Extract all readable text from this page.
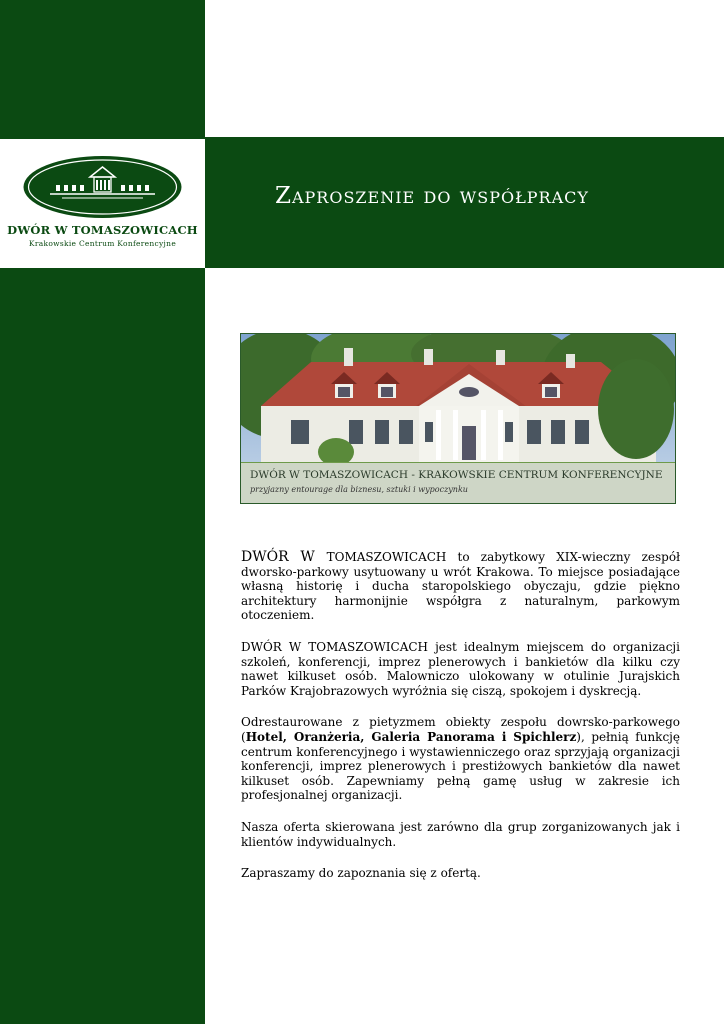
DWÓR W TOMASZOWICACH
Krakowskie Centrum Konferencyjne
Zaproszenie do współpracy
DWÓR W TOMASZOWICACH - KRAKOWSKIE CENTRUM KONFERENCYJNE
przyjazny entourage dla biznesu, sztuki i wypoczynku

DWÓR W TOMASZOWICACH to zabytkowy XIX-wieczny zespół dworsko-parkowy usytuowany u wrót Krakowa. To miejsce posiadające własną historię i ducha staropolskiego obyczaju, gdzie piękno architektury harmonijnie współgra z naturalnym, parkowym otoczeniem.

DWÓR W TOMASZOWICACH jest idealnym miejscem do organizacji szkoleń, konferencji, imprez plenerowych i bankietów dla kilku czy nawet kilkuset osób. Malowniczo ulokowany w otulinie Jurajskich Parków Krajobrazowych wyróżnia się ciszą, spokojem i dyskrecją.

Odrestaurowane z pietyzmem obiekty zespołu dowrsko-parkowego (Hotel, Oranżeria, Galeria Panorama i Spichlerz), pełnią funkcję centrum konferencyjnego i wystawienniczego oraz sprzyjają organizacji konferencji, imprez plenerowych i prestiżowych bankietów dla nawet kilkuset osób. Zapewniamy pełną gamę usług w zakresie ich profesjonalnej organizacji.

Nasza oferta skierowana jest zarówno dla grup zorganizowanych jak i klientów indywidualnych.

Zapraszamy do zapoznania się z ofertą.
